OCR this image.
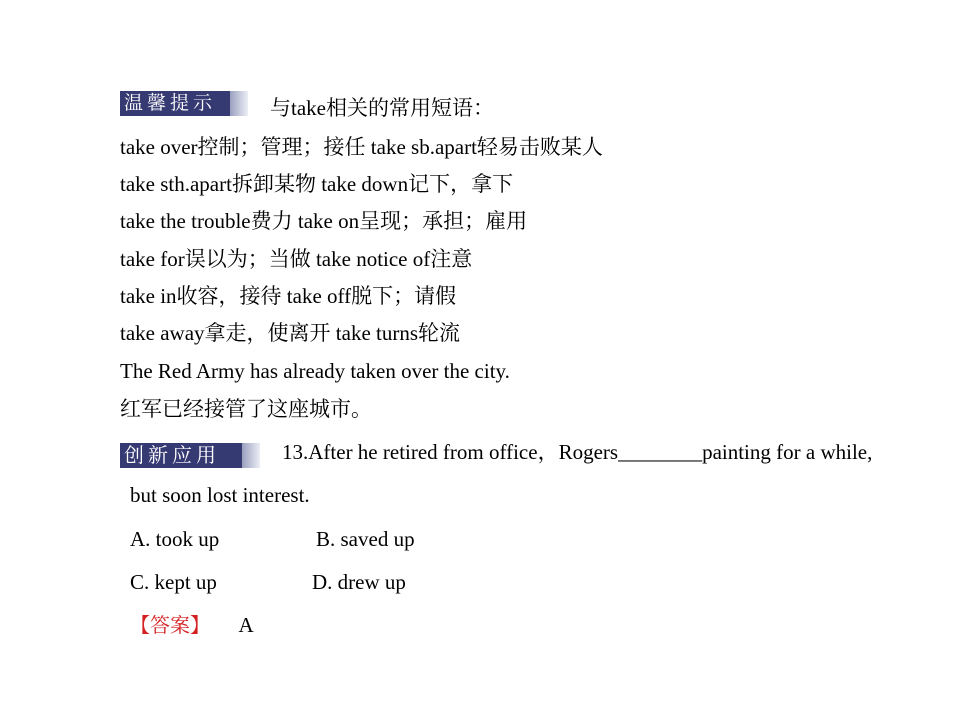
温馨提示	与take相关的常用短语：
take over控制；管理；接任 take sb.apart轻易击败某人
take sth.apart拆卸某物 take down记下，拿下
take the trouble费力 take on呈现；承担；雇用
take for误以为；当做 take notice of注意
take in收容，接待 take off脱下；请假
take away拿走，使离开 take turns轮流
The Red Army has already taken over the city.
红军已经接管了这座城市。
创新应用	13.After he retired from office，Rogers________painting for a while,
but soon lost interest.
A. took up	B. saved up
C. kept up	D. drew up
【答案】 A
